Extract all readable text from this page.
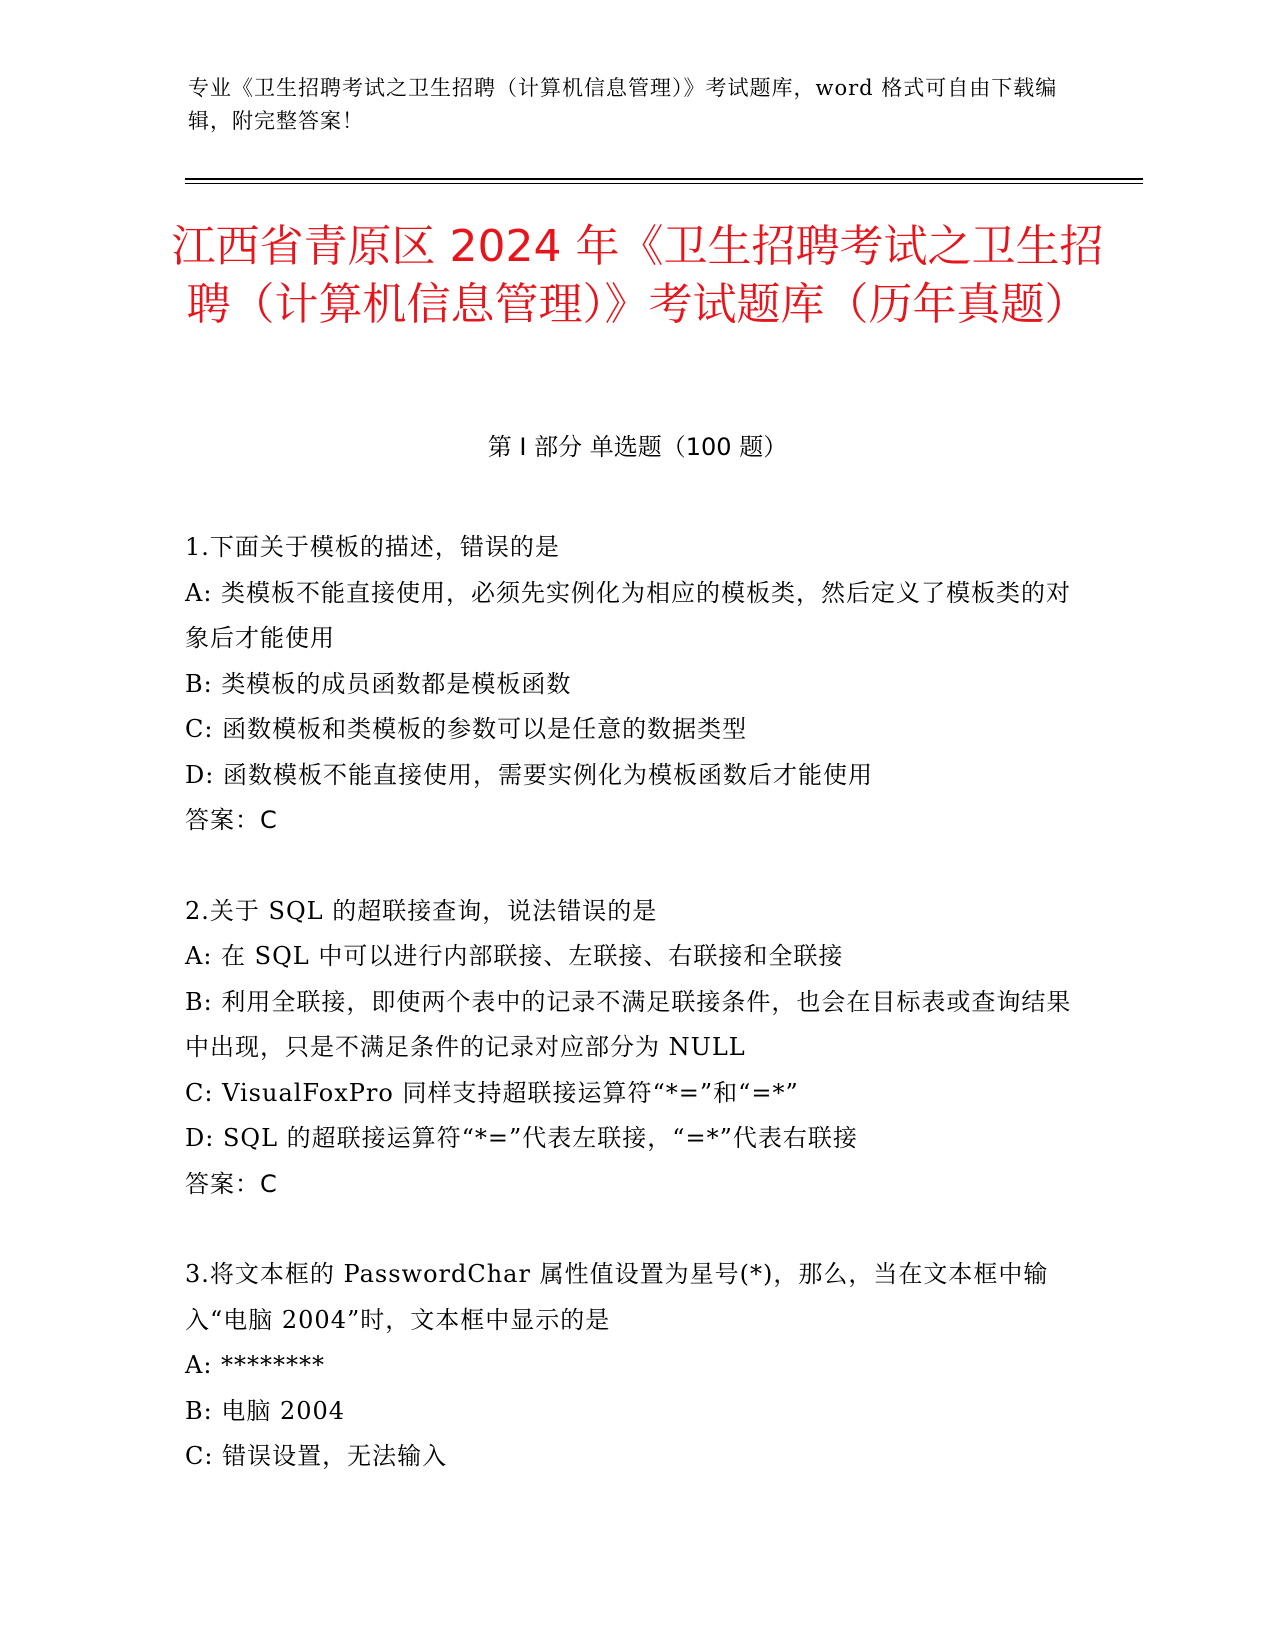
专业《卫生招聘考试之卫生招聘（计算机信息管理）》考试题库，word 格式可自由下载编辑，附完整答案！
江西省青原区 2024 年《卫生招聘考试之卫生招聘（计算机信息管理）》考试题库（历年真题）
第 I 部分 单选题（100 题）
1.下面关于模板的描述，错误的是
A: 类模板不能直接使用，必须先实例化为相应的模板类，然后定义了模板类的对象后才能使用
B: 类模板的成员函数都是模板函数
C: 函数模板和类模板的参数可以是任意的数据类型
D: 函数模板不能直接使用，需要实例化为模板函数后才能使用
答案：C
2.关于 SQL 的超联接查询，说法错误的是
A: 在 SQL 中可以进行内部联接、左联接、右联接和全联接
B: 利用全联接，即使两个表中的记录不满足联接条件，也会在目标表或查询结果中出现，只是不满足条件的记录对应部分为 NULL
C: VisualFoxPro 同样支持超联接运算符“*=”和“=*”
D: SQL 的超联接运算符“*=”代表左联接，“=*”代表右联接
答案：C
3.将文本框的 PasswordChar 属性值设置为星号(*)，那么，当在文本框中输入“电脑 2004”时，文本框中显示的是
A: ********
B: 电脑 2004
C: 错误设置，无法输入
